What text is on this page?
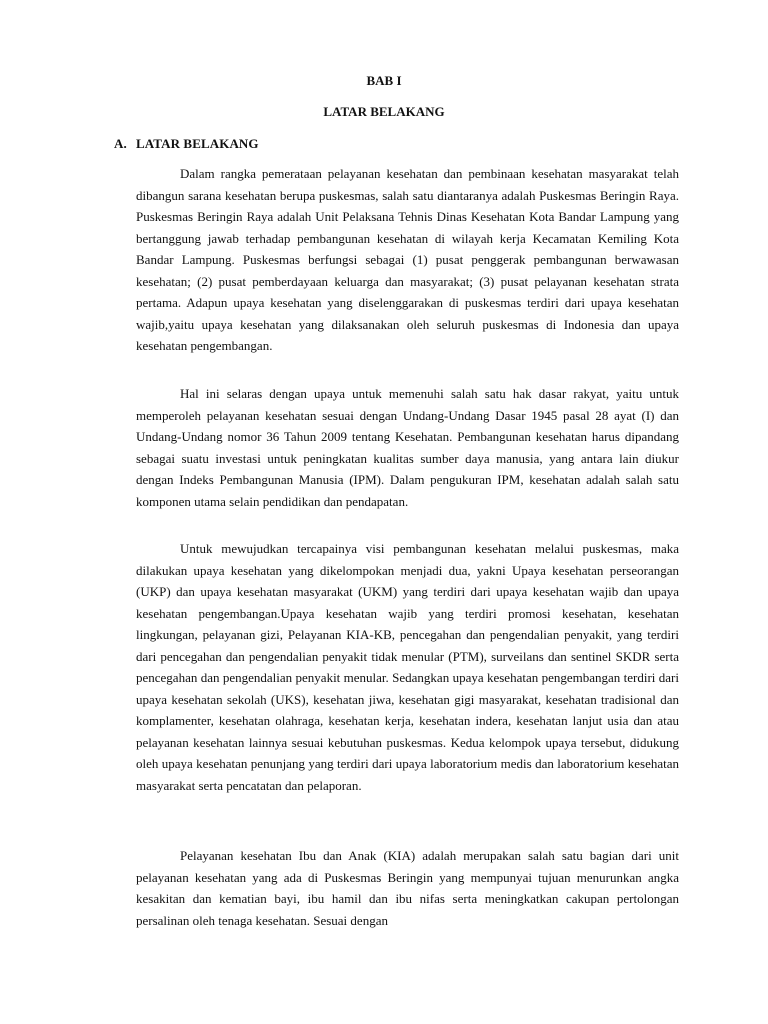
BAB I
LATAR BELAKANG
A. LATAR BELAKANG

Dalam rangka pemerataan pelayanan kesehatan dan pembinaan kesehatan masyarakat telah dibangun sarana kesehatan berupa puskesmas, salah satu diantaranya adalah Puskesmas Beringin Raya. Puskesmas Beringin Raya adalah Unit Pelaksana Tehnis Dinas Kesehatan Kota Bandar Lampung yang bertanggung jawab terhadap pembangunan kesehatan di wilayah kerja Kecamatan Kemiling Kota Bandar Lampung. Puskesmas berfungsi sebagai (1) pusat penggerak pembangunan berwawasan kesehatan; (2) pusat pemberdayaan keluarga dan masyarakat; (3) pusat pelayanan kesehatan strata pertama. Adapun upaya kesehatan yang diselenggarakan di puskesmas terdiri dari upaya kesehatan wajib,yaitu upaya kesehatan yang dilaksanakan oleh seluruh puskesmas di Indonesia dan upaya kesehatan pengembangan.

Hal ini selaras dengan upaya untuk memenuhi salah satu hak dasar rakyat, yaitu untuk memperoleh pelayanan kesehatan sesuai dengan Undang-Undang Dasar 1945 pasal 28 ayat (I) dan Undang-Undang nomor 36 Tahun 2009 tentang Kesehatan. Pembangunan kesehatan harus dipandang sebagai suatu investasi untuk peningkatan kualitas sumber daya manusia, yang antara lain diukur dengan Indeks Pembangunan Manusia (IPM). Dalam pengukuran IPM, kesehatan adalah salah satu komponen utama selain pendidikan dan pendapatan.

Untuk mewujudkan tercapainya visi pembangunan kesehatan melalui puskesmas, maka dilakukan upaya kesehatan yang dikelompokan menjadi dua, yakni Upaya kesehatan perseorangan (UKP) dan upaya kesehatan masyarakat (UKM) yang terdiri dari upaya kesehatan wajib dan upaya kesehatan pengembangan.Upaya kesehatan wajib yang terdiri promosi kesehatan, kesehatan lingkungan, pelayanan gizi, Pelayanan KIA-KB, pencegahan dan pengendalian penyakit, yang terdiri dari pencegahan dan pengendalian penyakit tidak menular (PTM), surveilans dan sentinel SKDR serta pencegahan dan pengendalian penyakit menular. Sedangkan upaya kesehatan pengembangan terdiri dari upaya kesehatan sekolah (UKS), kesehatan jiwa, kesehatan gigi masyarakat, kesehatan tradisional dan komplamenter, kesehatan olahraga, kesehatan kerja, kesehatan indera, kesehatan lanjut usia dan atau pelayanan kesehatan lainnya sesuai kebutuhan puskesmas. Kedua kelompok upaya tersebut, didukung oleh upaya kesehatan penunjang yang terdiri dari upaya laboratorium medis dan laboratorium kesehatan masyarakat serta pencatatan dan pelaporan.

Pelayanan kesehatan Ibu dan Anak (KIA) adalah merupakan salah satu bagian dari unit pelayanan kesehatan yang ada di Puskesmas Beringin yang mempunyai tujuan menurunkan angka kesakitan dan kematian bayi, ibu hamil dan ibu nifas serta meningkatkan cakupan pertolongan persalinan oleh tenaga kesehatan. Sesuai dengan
